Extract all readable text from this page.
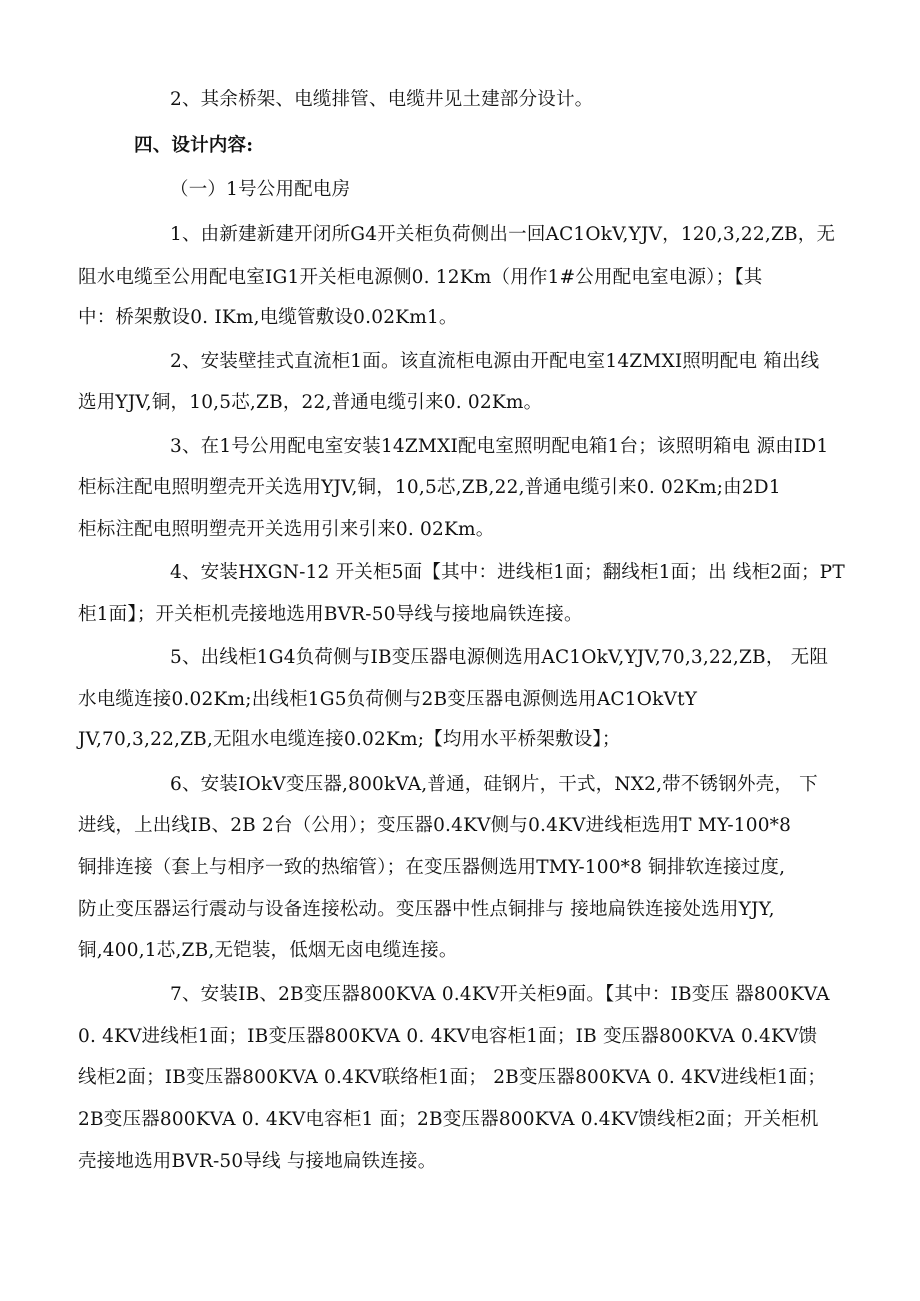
2、其余桥架、电缆排管、电缆井见土建部分设计。
四、设计内容:
（一）1号公用配电房
1、由新建新建开闭所G4开关柜负荷侧出一回AC1OkV,YJV，120,3,22,ZB，无
阻水电缆至公用配电室IG1开关柜电源侧0. 12Km（用作1#公用配电室电源）；【其
中：桥架敷设0. IKm,电缆管敷设0.02Km1。
2、安装壁挂式直流柜1面。该直流柜电源由开配电室14ZMXI照明配电 箱出线
选用YJV,铜，10,5芯,ZB，22,普通电缆引来0. 02Km。
3、在1号公用配电室安装14ZMXI配电室照明配电箱1台；该照明箱电 源由ID1
柜标注配电照明塑壳开关选用YJV,铜，10,5芯,ZB,22,普通电缆引来0. 02Km;由2D1
柜标注配电照明塑壳开关选用引来引来0. 02Km。
4、安装HXGN-12 开关柜5面【其中：进线柜1面；翻线柜1面；出 线柜2面；PT
柜1面】；开关柜机壳接地选用BVR-50导线与接地扁铁连接。
5、出线柜1G4负荷侧与IB变压器电源侧选用AC1OkV,YJV,70,3,22,ZB， 无阻
水电缆连接0.02Km;出线柜1G5负荷侧与2B变压器电源侧选用AC1OkVtY
JV,70,3,22,ZB,无阻水电缆连接0.02Km;【均用水平桥架敷设】；
6、安装IOkV变压器,800kVA,普通，硅钢片，干式，NX2,带不锈钢外壳， 下
进线，上出线IB、2B 2台（公用）；变压器0.4KV侧与0.4KV进线柜选用T MY-100*8
铜排连接（套上与相序一致的热缩管）；在变压器侧选用TMY-100*8 铜排软连接过度,
防止变压器运行震动与设备连接松动。变压器中性点铜排与 接地扁铁连接处选用YJY,
铜,400,1芯,ZB,无铠装，低烟无卤电缆连接。
7、安装IB、2B变压器800KVA 0.4KV开关柜9面。【其中：IB变压 器800KVA
0. 4KV进线柜1面；IB变压器800KVA 0. 4KV电容柜1面；IB 变压器800KVA 0.4KV馈
线柜2面；IB变压器800KVA 0.4KV联络柜1面； 2B变压器800KVA 0. 4KV进线柜1面；
2B变压器800KVA 0. 4KV电容柜1 面；2B变压器800KVA 0.4KV馈线柜2面；开关柜机
壳接地选用BVR-50导线 与接地扁铁连接。
